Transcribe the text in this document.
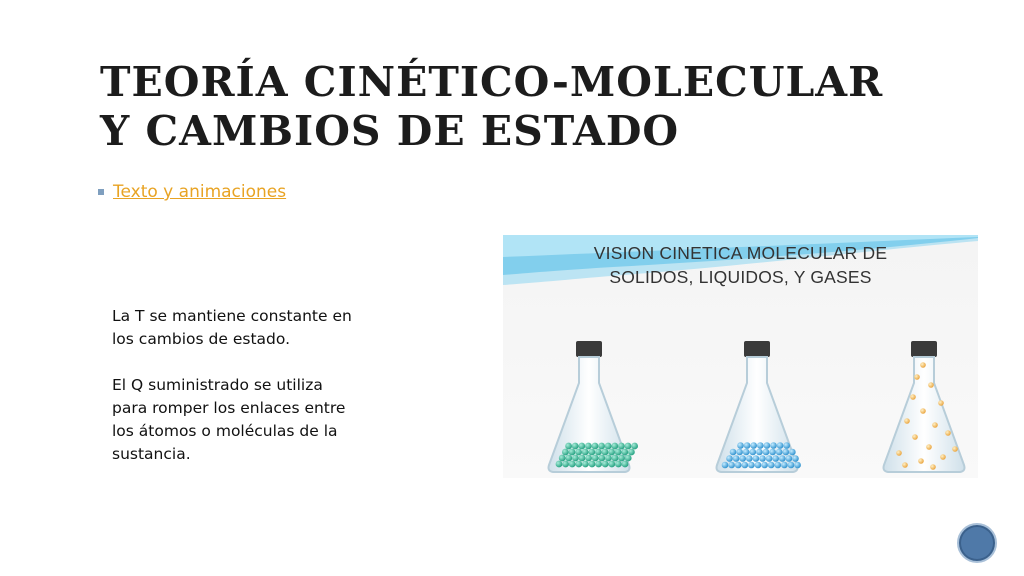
TEORÍA CINÉTICO-MOLECULAR
Y CAMBIOS DE ESTADO
Texto y animaciones

La T se mantiene constante en los cambios de estado.

El Q suministrado se utiliza para romper los enlaces entre los átomos o moléculas de la sustancia.

VISION CINETICA MOLECULAR DE
SOLIDOS, LIQUIDOS, Y GASES
